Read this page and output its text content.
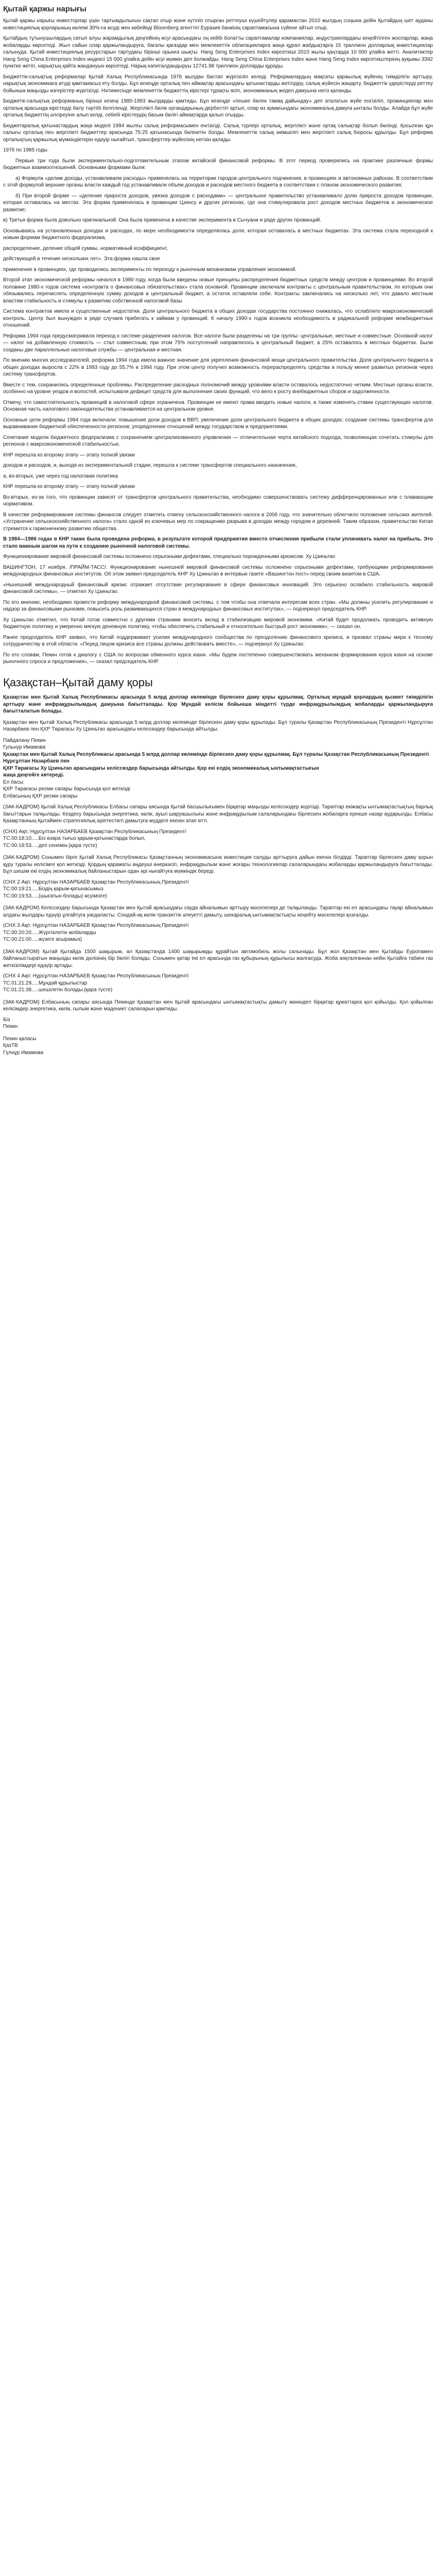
Қытай қаржы нарығы

Қытай қаржы нарығы инвесторлар үшін тартымдылығын сақтап отыр және күтіліп отырған реттеуші күшейтулер қарамастан 2010 жылдың соңына дейін Қытайдың шет ауданы инвестициялық қорларының көлемі 30%-ға өсуді мен көбейеді Bloomberg агенттігі Еуразия банкінің сараптамасына сүйене айтып отыр.

Қытайдың тұтынушылардың сатып алуы жарамдылық деңгейінің өсуі арасындағы оң кейбі болатты сараптамалар компаниялар, индустриялардағы кеңейтілген жоспарлар, жаңа жобаларды көрсетеді. Жыл сайын олар қаржыландыруға, бағалы қағаздар мен мемлекеттік облигацияларға жаңа құрал жабдықтарға 15 триллион долларлық инвестициялар салынуда. Қытай инвестициялық ресурстарын тартудағы бірінші орынға шықты. Hang Seng Enterprises Index көрсеткіші 2010 жылы қаңтарда 10 000 ұпайға жетті. Аналитиктер Hang Seng China Enterprises Index индексі 15 000 ұпайға дейін өсуі мүмкін деп болжайды. Hang Seng China Enterprises Index және Hang Seng Index көрсеткіштерінің ауқымы 3392 пунктке жетіп, нарықтың қайта жандануын көрсетеді. Нарық капиталдандыруы 12741.98 триллион долларды құрады.

Бюджеттік-салықтық реформалар Қытай Халық Республикасында 1978 жылдан бастап жүргізіліп келеді. Реформалардың мақсаты қаржылық жүйенің тиімділігін арттыру, нарықтық экономикаға өтуді қамтамасыз ету болды. Бұл кезеңде орталық пен аймақтар арасындағы қатынастарды жетілдіру, салық жүйесін жаңарту, бюджеттік үдерістерді реттеу бойынша маңызды өзгерістер жүргізілді. Нәтижесінде мемлекеттік бюджеттің кірістері тұрақты өсіп, экономиканың жедел дамуына негіз қаланды.

Бюджетік-салықтық реформаның бірінші кезеңі 1980-1993 жылдарды қамтиды. Бұл кезеңде «пешке бөлек тамақ дайындау» деп аталатын жүйе енгізіліп, провинциялар мен орталық арасында кірістерді бөлу тәртібі белгіленді. Жергілікті билік органдарының дербестігі артып, олар өз аумағындағы экономикалық дамуға ынталы болды. Алайда бұл жүйе орталық бюджеттің әлсіреуіне алып келді, себебі кірістердің басым бөлігі аймақтарда қалып отырды.

Бюджетаралық қатынастардың жаңа моделі 1994 жылғы салық реформасымен енгізілді. Салық түрлері орталық, жергілікті және ортақ салықтар болып бөлінді. Қосылған құн салығы орталық пен жергілікті бюджеттер арасында 75:25 қатынасында бөлінетін болды. Мемлекеттік салық әкімшілігі мен жергілікті салық бюросы құрылды. Бұл реформа орталықтың қаржылық мүмкіндіктерін едәуір нығайтып, трансферттер жүйесінің негізін қалады.

1976 по 1985 годы.

Первые три года были экспериментально-подготовительным этапом китайской финансовой реформы. В этот период проверялись на практике различные формы бюджетных взаимоотношений. Основными формами были:

а) Формула «делим доходы, устанавливаем расходы» применялась на территории городов центрального подчинения, в провинциях и автономных районах. В соответствии с этой формулой верхние органы власти каждый год устанавливали объем доходов и расходов местного бюджета в соответствии с планом экономического развития;

б) При второй форме — «деление прироста доходов, увязка доходов с расходами» — центральное правительство устанавливало долю прироста доходов провинции, которая оставалась на местах. Эта форма применялась в провинции Цзянсу и других регионах, где она стимулировала рост доходов местных бюджетов и экономическое развитие;

в) Третья форма была довольно оригинальной. Она была применена в качестве эксперимента в Сычуани и ряде других провинций.

Основываясь на установленных доходах и расходах, по мере необходимости определялась доля, которая оставалась в местных бюджетах. Эта система стала переходной к новым формам бюджетного федерализма,

распределение, деление общей суммы, нормативный коэффициент,

действующей в течение нескольких лет». Эта форма нашла свое

применение в провинциях, где проводились эксперименты по переходу к рыночным механизмам управления экономикой.

Второй этап экономической реформы начался в 1980 году, когда были введены новые принципы распределения бюджетных средств между центром и провинциями. Во второй половине 1980-х годов система «контракта о финансовых обязательствах» стала основной. Провинции заключали контракты с центральным правительством, по которым они обязывались перечислять определенную сумму доходов в центральный бюджет, а остаток оставляли себе. Контракты заключались на несколько лет, что давало местным властям стабильность и стимулы к развитию собственной налоговой базы.

Система контрактов имела и существенные недостатки. Доля центрального бюджета в общих доходах государства постоянно снижалась, что ослабляло макроэкономический контроль. Центр был вынужден в ряде случаев прибегать к займам у провинций. К началу 1990-х годов возникла необходимость в радикальной реформе межбюджетных отношений.

Реформа 1994 года предусматривала переход к системе разделения налогов. Все налоги были разделены на три группы: центральные, местные и совместные. Основной налог — налог на добавленную стоимость — стал совместным, при этом 75% поступлений направлялось в центральный бюджет, а 25% оставалось в местных бюджетах. Были созданы две параллельные налоговые службы — центральная и местная.

По мнению многих исследователей, реформа 1994 года имела важное значение для укрепления финансовой мощи центрального правительства. Доля центрального бюджета в общих доходах выросла с 22% в 1993 году до 55,7% в 1994 году. При этом центр получил возможность перераспределять средства в пользу менее развитых регионов через систему трансфертов.

Вместе с тем, сохранились определенные проблемы. Распределение расходных полномочий между уровнями власти оставалось недостаточно четким. Местные органы власти, особенно на уровне уездов и волостей, испытывали дефицит средств для выполнения своих функций, что вело к росту внебюджетных сборов и задолженности.

Отмечу, что самостоятельность провинций в налоговой сфере ограничена. Провинции не имеют права вводить новые налоги, а также изменять ставки существующих налогов. Основная часть налогового законодательства устанавливается на центральном уровне.

Основные цели реформы 1994 года включали: повышение доли доходов в ВВП; увеличение доли центрального бюджета в общих доходах; создание системы трансфертов для выравнивания бюджетной обеспеченности регионов; упорядочение отношений между государством и предприятиями.

Сочетание модели бюджетного федерализма с сохранением централизованного управления — отличительная черта китайского подхода, позволяющая сочетать стимулы для регионов с макроэкономической стабильностью.

КНР перешла ко второму этапу — этапу полной увязки

доходов и расходов, и, выходя из экспериментальной стадии, перешла к системе трансфертов специального назначения,

а, во-вторых, уже через год налоговая политика

КНР перешла ко второму этапу — этапу полной увязки

Во-вторых, из-за того, что провинции зависят от трансфертов центрального правительства, необходимо совершенствовать систему дифференцированных или с плавающим нормативом.

В качестве реформирования системы финансов следует отметить отмену сельскохозяйственного налога в 2006 году, что значительно облегчило положение сельских жителей. «Устранение сельскохозяйственного налога» стало одной из ключевых мер по сокращению разрыва в доходах между городом и деревней. Таким образом, правительство Китая стремится к гармоничному развитию общества.

В 1984—1986 годах в КНР также была проведена реформа, в результате которой предприятия вместо отчисления прибыли стали уплачивать налог на прибыль. Это стало важным шагом на пути к созданию рыночной налоговой системы.

Функционирование мировой финансовой системы осложнено серьезными дефектами, специально порожденными кризисом. Ху Цзиньтао

ВАШИНГТОН, 17 ноября. /ПРАЙМ-ТАСС/. Функционирование нынешней мировой финансовой системы осложнено серьезными дефектами, требующими реформирования международных финансовых институтов. Об этом заявил председатель КНР Ху Цзиньтао в интервью газете «Вашингтон пост» перед своим визитом в США.

«Нынешний международный финансовый кризис отражает отсутствие регулирования в сфере финансовых инноваций. Это серьезно ослабило стабильность мировой финансовой системы», — отметил Ху Цзиньтао.

По его мнению, необходимо провести реформу международной финансовой системы, с тем чтобы она отвечала интересам всех стран. «Мы должны усилить регулирование и надзор за финансовыми рынками, повысить роль развивающихся стран в международных финансовых институтах», — подчеркнул председатель КНР.

Ху Цзиньтао отметил, что Китай готов совместно с другими странами вносить вклад в стабилизацию мировой экономики. «Китай будет продолжать проводить активную бюджетную политику и умеренно мягкую денежную политику, чтобы обеспечить стабильный и относительно быстрый рост экономики», — сказал он.

Ранее председатель КНР заявил, что Китай поддерживает усилия международного сообщества по преодолению финансового кризиса, и призвал страны мира к тесному сотрудничеству в этой области. «Перед лицом кризиса все страны должны действовать вместе», — подчеркнул Ху Цзиньтао.

По его словам, Пекин готов к диалогу с США по вопросам обменного курса юаня. «Мы будем постепенно совершенствовать механизм формирования курса юаня на основе рыночного спроса и предложения», — сказал председатель КНР.

Қазақстан–Қытай даму қоры

Қазақстан мен Қытай Халық Республикасы арасында 5 млрд доллар көлемінде бірлескен даму қоры құрылмақ. Орталық мұндай қорлардың қызмет тиімділігін арттыру және инфрақұрылымдық дамуына бағытталады. Қор Мұндай келісім бойынша міндетті түрде инфрақұрылымдық жобаларды қаржыландыруға бағытталатын болады.

Қазақстан мен Қытай Халық Республикасы арасында 5 млрд доллар көлемінде бірлескен даму қоры құрылады. Бұл туралы Қазақстан Республикасының Президенті Нұрсұлтан Назарбаев пен ҚХР Төрағасы Ху Цзиньтао арасындағы келіссөздер барысында айтылды.

Пайдалану Пекин
Гульнур Имамова
Қазақстан мен Қытай Халық Республикасы арасында 5 млрд доллар көлемінде бірлескен даму қоры құрылмақ. Бұл туралы Қазақстан Республикасының Президенті Нұрсұлтан Назарбаев пен
ҚХР Төрағасы Ху Цзиньтао арасындағы келіссөздер барысында айтылды. Қор екі елдің экономикалық ынтымақтастығын
жаңа деңгейге көтереді.
Ел басы:
ҚХР Төрағасы ресми сапары барысында қол жеткізді
Елбасының ҚХР ресми сапары

(ЗАК-КАДРОМ) Қытай Халық Республикасы Елбасы сапары аясында Қытай басшылығымен бірқатар маңызды келіссөздер жүргізді. Тараптар екіжақты ынтымақтастықтың барлық бағыттарын талқылады. Кездесу барысында энергетика, көлік, ауыл шаруашылығы және инфрақұрылым салаларындағы бірлескен жобаларға ерекше назар аударылды. Елбасы Қазақстанның Қытаймен стратегиялық әріптестікті дамытуға мүдделі екенін атап өтті.

(СНХ) Ақп: Нұрсұлтан НАЗАРБАЕВ Қазақстан Республикасының Президенті
ТС:00:18:10.....Біз өзара тығыз қарым-қатынастарда болып,
ТС:00:18:53.....деп сенемін.(қара түсте)

(ЗАК-КАДРОМ) Сонымен бірге Қытай Халық Республикасы Қазақстанның экономикасына инвестиция салуды арттыруға дайын екенін білдірді. Тараптар бірлескен даму қорын құру туралы келісімге қол жеткізді. Қордың қаражаты өңдеуші өнеркәсіп, инфрақұрылым және жоғары технологиялар салаларындағы жобаларды қаржыландыруға бағытталады. Бұл шешім екі елдің экономикалық байланыстарын одан әрі нығайтуға мүмкіндік береді.

(СНХ 2 Ақп: Нұрсұлтан НАЗАРБАЕВ Қазақстан Республикасының Президенті
ТС:00:19:21.....Біздің қарым-қатынасымыз
ТС:00:19:53.....(шығатын болады) өсуімізге)

(ЗАК-КАДРОМ) Келіссөздер барысында Қазақстан мен Қытай арасындағы сауда айналымын арттыру мәселелері де талқыланды. Тараптар екі ел арасындағы тауар айналымын алдағы жылдары едәуір ұлғайтуға уағдаласты. Сондай-ақ көлік-транзиттік әлеуетті дамыту, шекаралық ынтымақтастықты кеңейту мәселелері қозғалды.

(СНХ 3 Ақп: Нұрсұлтан НАЗАРБАЕВ Қазақстан Республикасының Президенті
ТС:00:20:20.....Жүргізілетін жобаларды
ТС:00:21:00.....жүзеге асырамыз)

(ЗАК-КАДРОМ) Қытай Қытайда 1500 шақырым, ал Қазақстанда 1400 шақырымды құрайтын автомобиль жолы салынады. Бұл жол Қазақстан мен Қытайды Еуропамен байланыстыратын маңызды көлік дәлізінің бір бөлігі болады. Сонымен қатар екі ел арасында газ құбырының құрылысы жалғасуда. Жоба аяқталғаннан кейін Қытайға табиғи газ жеткізілімдері едәуір артады.

(СНХ 4 Ақп: Нұрсұлтан НАЗАРБАЕВ Қазақстан Республикасының Президенті
ТС:01:21:29.....Мұндай құрылыстар
ТС:01:21:38.....шешілетін болады.(қара түсте)

(ЗАК-КАДРОМ) Елбасының сапары аясында Пекинде Қазақстан мен Қытай арасындағы ынтымақтастықты дамыту жөніндегі бірқатар құжаттарға қол қойылды. Қол қойылған келісімдер энергетика, көлік, ғылым және мәдениет салаларын қамтиды.

Біз
Пекин
Пекин қаласы
ҚазТВ
Гүлнұр Имамова
